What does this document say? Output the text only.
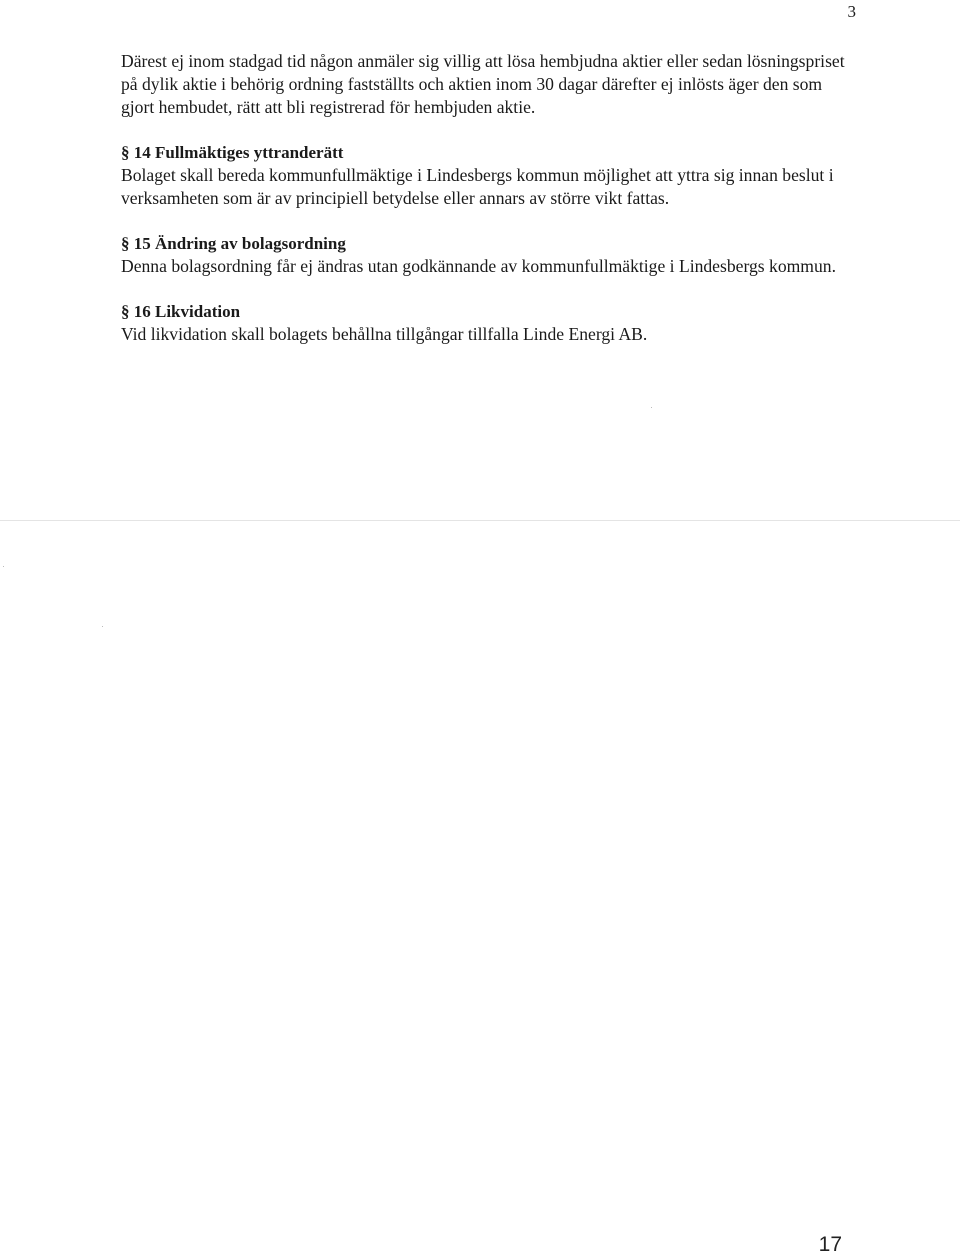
3

Därest ej inom stadgad tid någon anmäler sig villig att lösa hembjudna aktier eller sedan lösningspriset på dylik aktie i behörig ordning fastställts och aktien inom 30 dagar därefter ej inlösts äger den som gjort hembudet, rätt att bli registrerad för hembjuden aktie.

§ 14 Fullmäktiges yttranderätt

Bolaget skall bereda kommunfullmäktige i Lindesbergs kommun möjlighet att yttra sig innan beslut i verksamheten som är av principiell betydelse eller annars av större vikt fattas.

§ 15 Ändring av bolagsordning

Denna bolagsordning får ej ändras utan godkännande av kommunfullmäktige i Lindesbergs kommun.

§ 16 Likvidation

Vid likvidation skall bolagets behållna tillgångar tillfalla Linde Energi AB.

17
